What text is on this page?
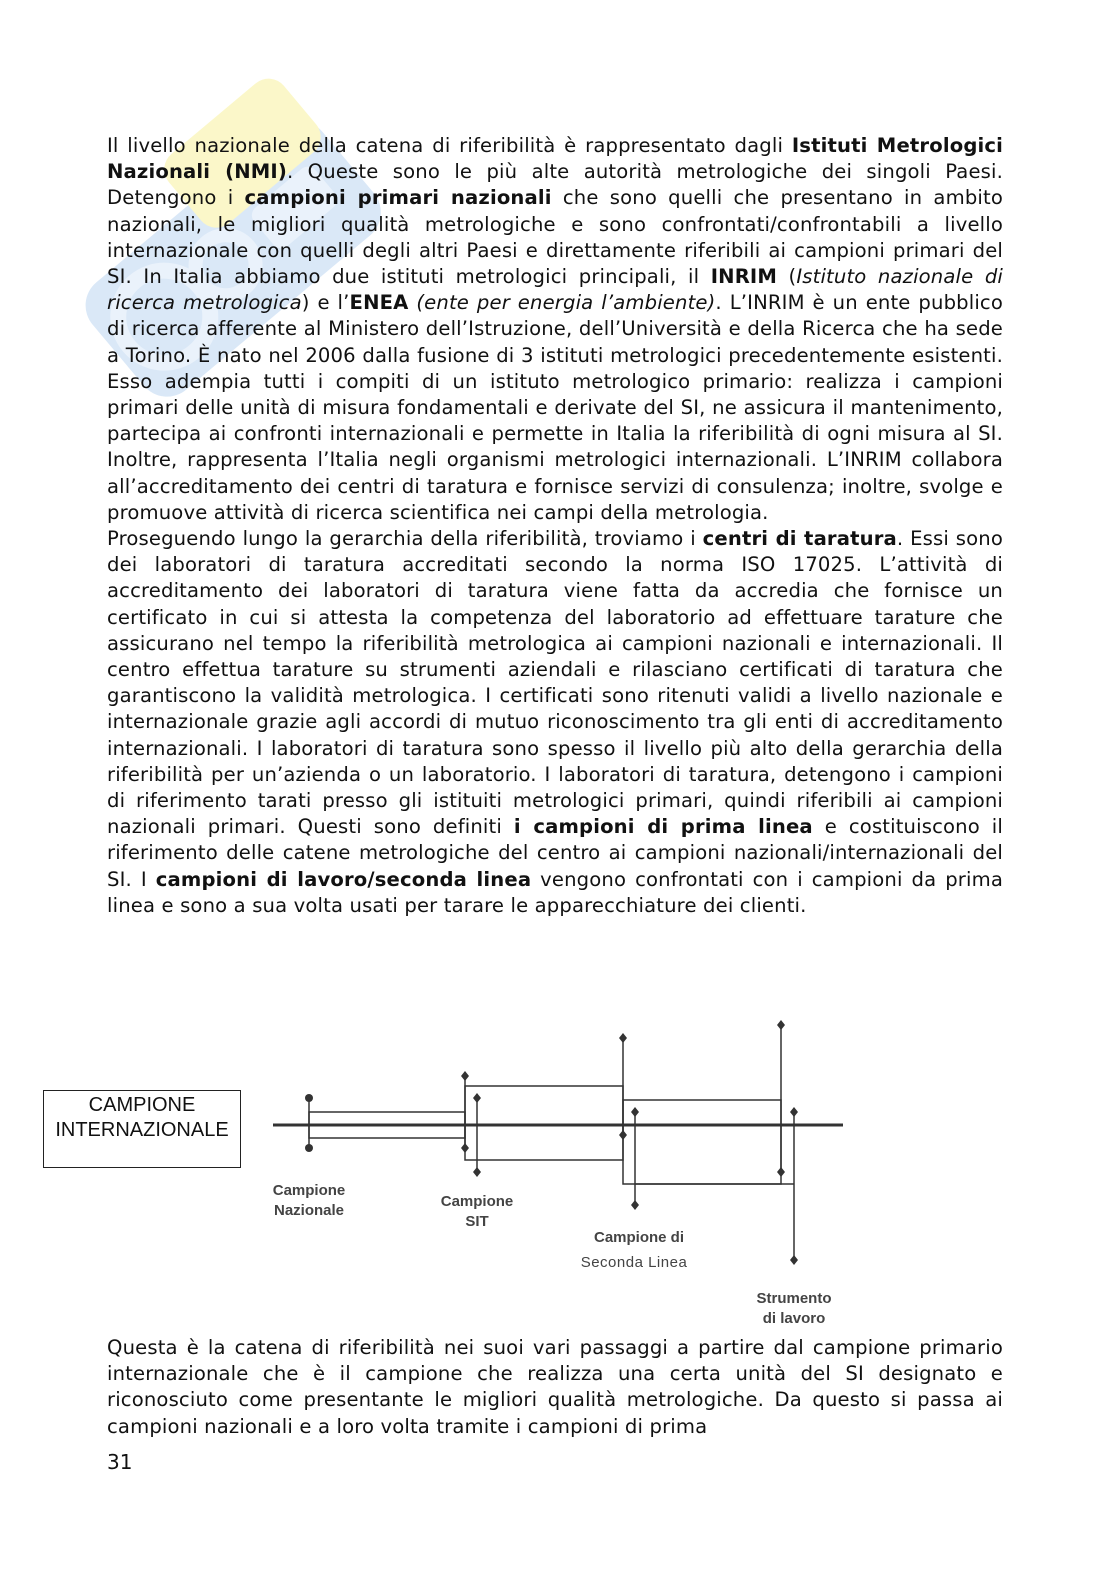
Il livello nazionale della catena di riferibilità è rappresentato dagli Istituti Metrologici Nazionali (NMI). Queste sono le più alte autorità metrologiche dei singoli Paesi. Detengono i campioni primari nazionali che sono quelli che presentano in ambito nazionali, le migliori qualità metrologiche e sono confrontati/confrontabili a livello internazionale con quelli degli altri Paesi e direttamente riferibili ai campioni primari del SI. In Italia abbiamo due istituti metrologici principali, il INRIM (Istituto nazionale di ricerca metrologica) e l’ENEA (ente per energia l’ambiente). L’INRIM è un ente pubblico di ricerca afferente al Ministero dell’Istruzione, dell’Università e della Ricerca che ha sede a Torino. È nato nel 2006 dalla fusione di 3 istituti metrologici precedentemente esistenti. Esso adempia tutti i compiti di un istituto metrologico primario: realizza i campioni primari delle unità di misura fondamentali e derivate del SI, ne assicura il mantenimento, partecipa ai confronti internazionali e permette in Italia la riferibilità di ogni misura al SI. Inoltre, rappresenta l’Italia negli organismi metrologici internazionali. L’INRIM collabora all’accreditamento dei centri di taratura e fornisce servizi di consulenza; inoltre, svolge e promuove attività di ricerca scientifica nei campi della metrologia.

Proseguendo lungo la gerarchia della riferibilità, troviamo i centri di taratura. Essi sono dei laboratori di taratura accreditati secondo la norma ISO 17025. L’attività di accreditamento dei laboratori di taratura viene fatta da accredia che fornisce un certificato in cui si attesta la competenza del laboratorio ad effettuare tarature che assicurano nel tempo la riferibilità metrologica ai campioni nazionali e internazionali. Il centro effettua tarature su strumenti aziendali e rilasciano certificati di taratura che garantiscono la validità metrologica. I certificati sono ritenuti validi a livello nazionale e internazionale grazie agli accordi di mutuo riconoscimento tra gli enti di accreditamento internazionali. I laboratori di taratura sono spesso il livello più alto della gerarchia della riferibilità per un’azienda o un laboratorio. I laboratori di taratura, detengono i campioni di riferimento tarati presso gli istituiti metrologici primari, quindi riferibili ai campioni nazionali primari. Questi sono definiti i campioni di prima linea e costituiscono il riferimento delle catene metrologiche del centro ai campioni nazionali/internazionali del SI. I campioni di lavoro/seconda linea vengono confrontati con i campioni da prima linea e sono a sua volta usati per tarare le apparecchiature dei clienti.

CAMPIONE
INTERNAZIONALE
Campione
Nazionale
Campione
SIT
Campione di
Seconda Linea
Strumento
di lavoro

Questa è la catena di riferibilità nei suoi vari passaggi a partire dal campione primario internazionale che è il campione che realizza una certa unità del SI designato e riconosciuto come presentante le migliori qualità metrologiche. Da questo si passa ai campioni nazionali e a loro volta tramite i campioni di prima

31
